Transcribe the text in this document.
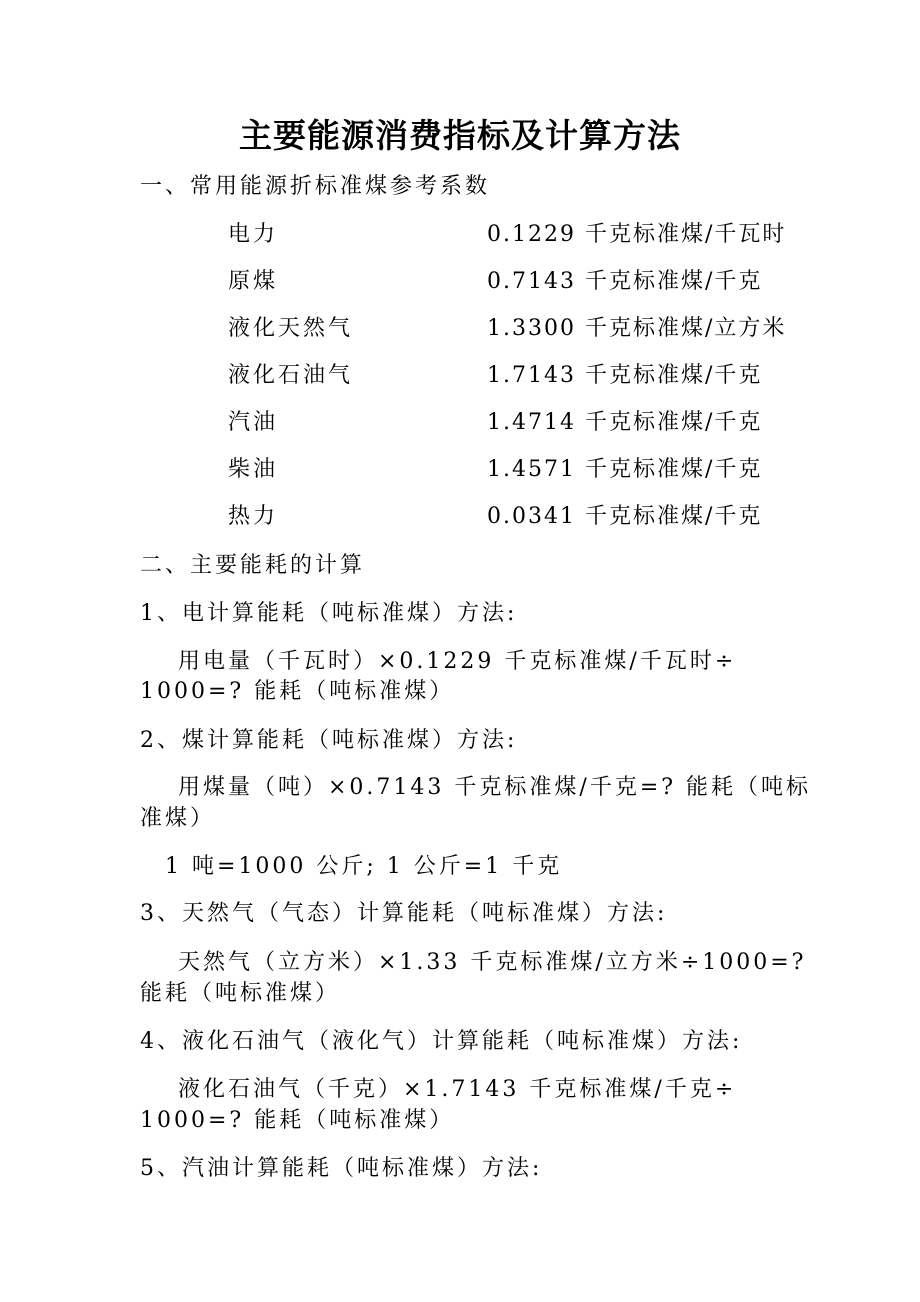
主要能源消费指标及计算方法
一、常用能源折标准煤参考系数
电力	0.1229 千克标准煤/千瓦时
原煤	0.7143 千克标准煤/千克
液化天然气	1.3300 千克标准煤/立方米
液化石油气	1.7143 千克标准煤/千克
汽油	1.4714 千克标准煤/千克
柴油	1.4571 千克标准煤/千克
热力	0.0341 千克标准煤/千克
二、主要能耗的计算
1、电计算能耗（吨标准煤）方法:
用电量（千瓦时）×0.1229 千克标准煤/千瓦时÷
1000=? 能耗（吨标准煤）
2、煤计算能耗（吨标准煤）方法:
用煤量（吨）×0.7143 千克标准煤/千克=? 能耗（吨标
准煤）
1 吨=1000 公斤; 1 公斤=1 千克
3、天然气（气态）计算能耗（吨标准煤）方法:
天然气（立方米）×1.33 千克标准煤/立方米÷1000=?
能耗（吨标准煤）
4、液化石油气（液化气）计算能耗（吨标准煤）方法:
液化石油气（千克）×1.7143 千克标准煤/千克÷
1000=? 能耗（吨标准煤）
5、汽油计算能耗（吨标准煤）方法:
